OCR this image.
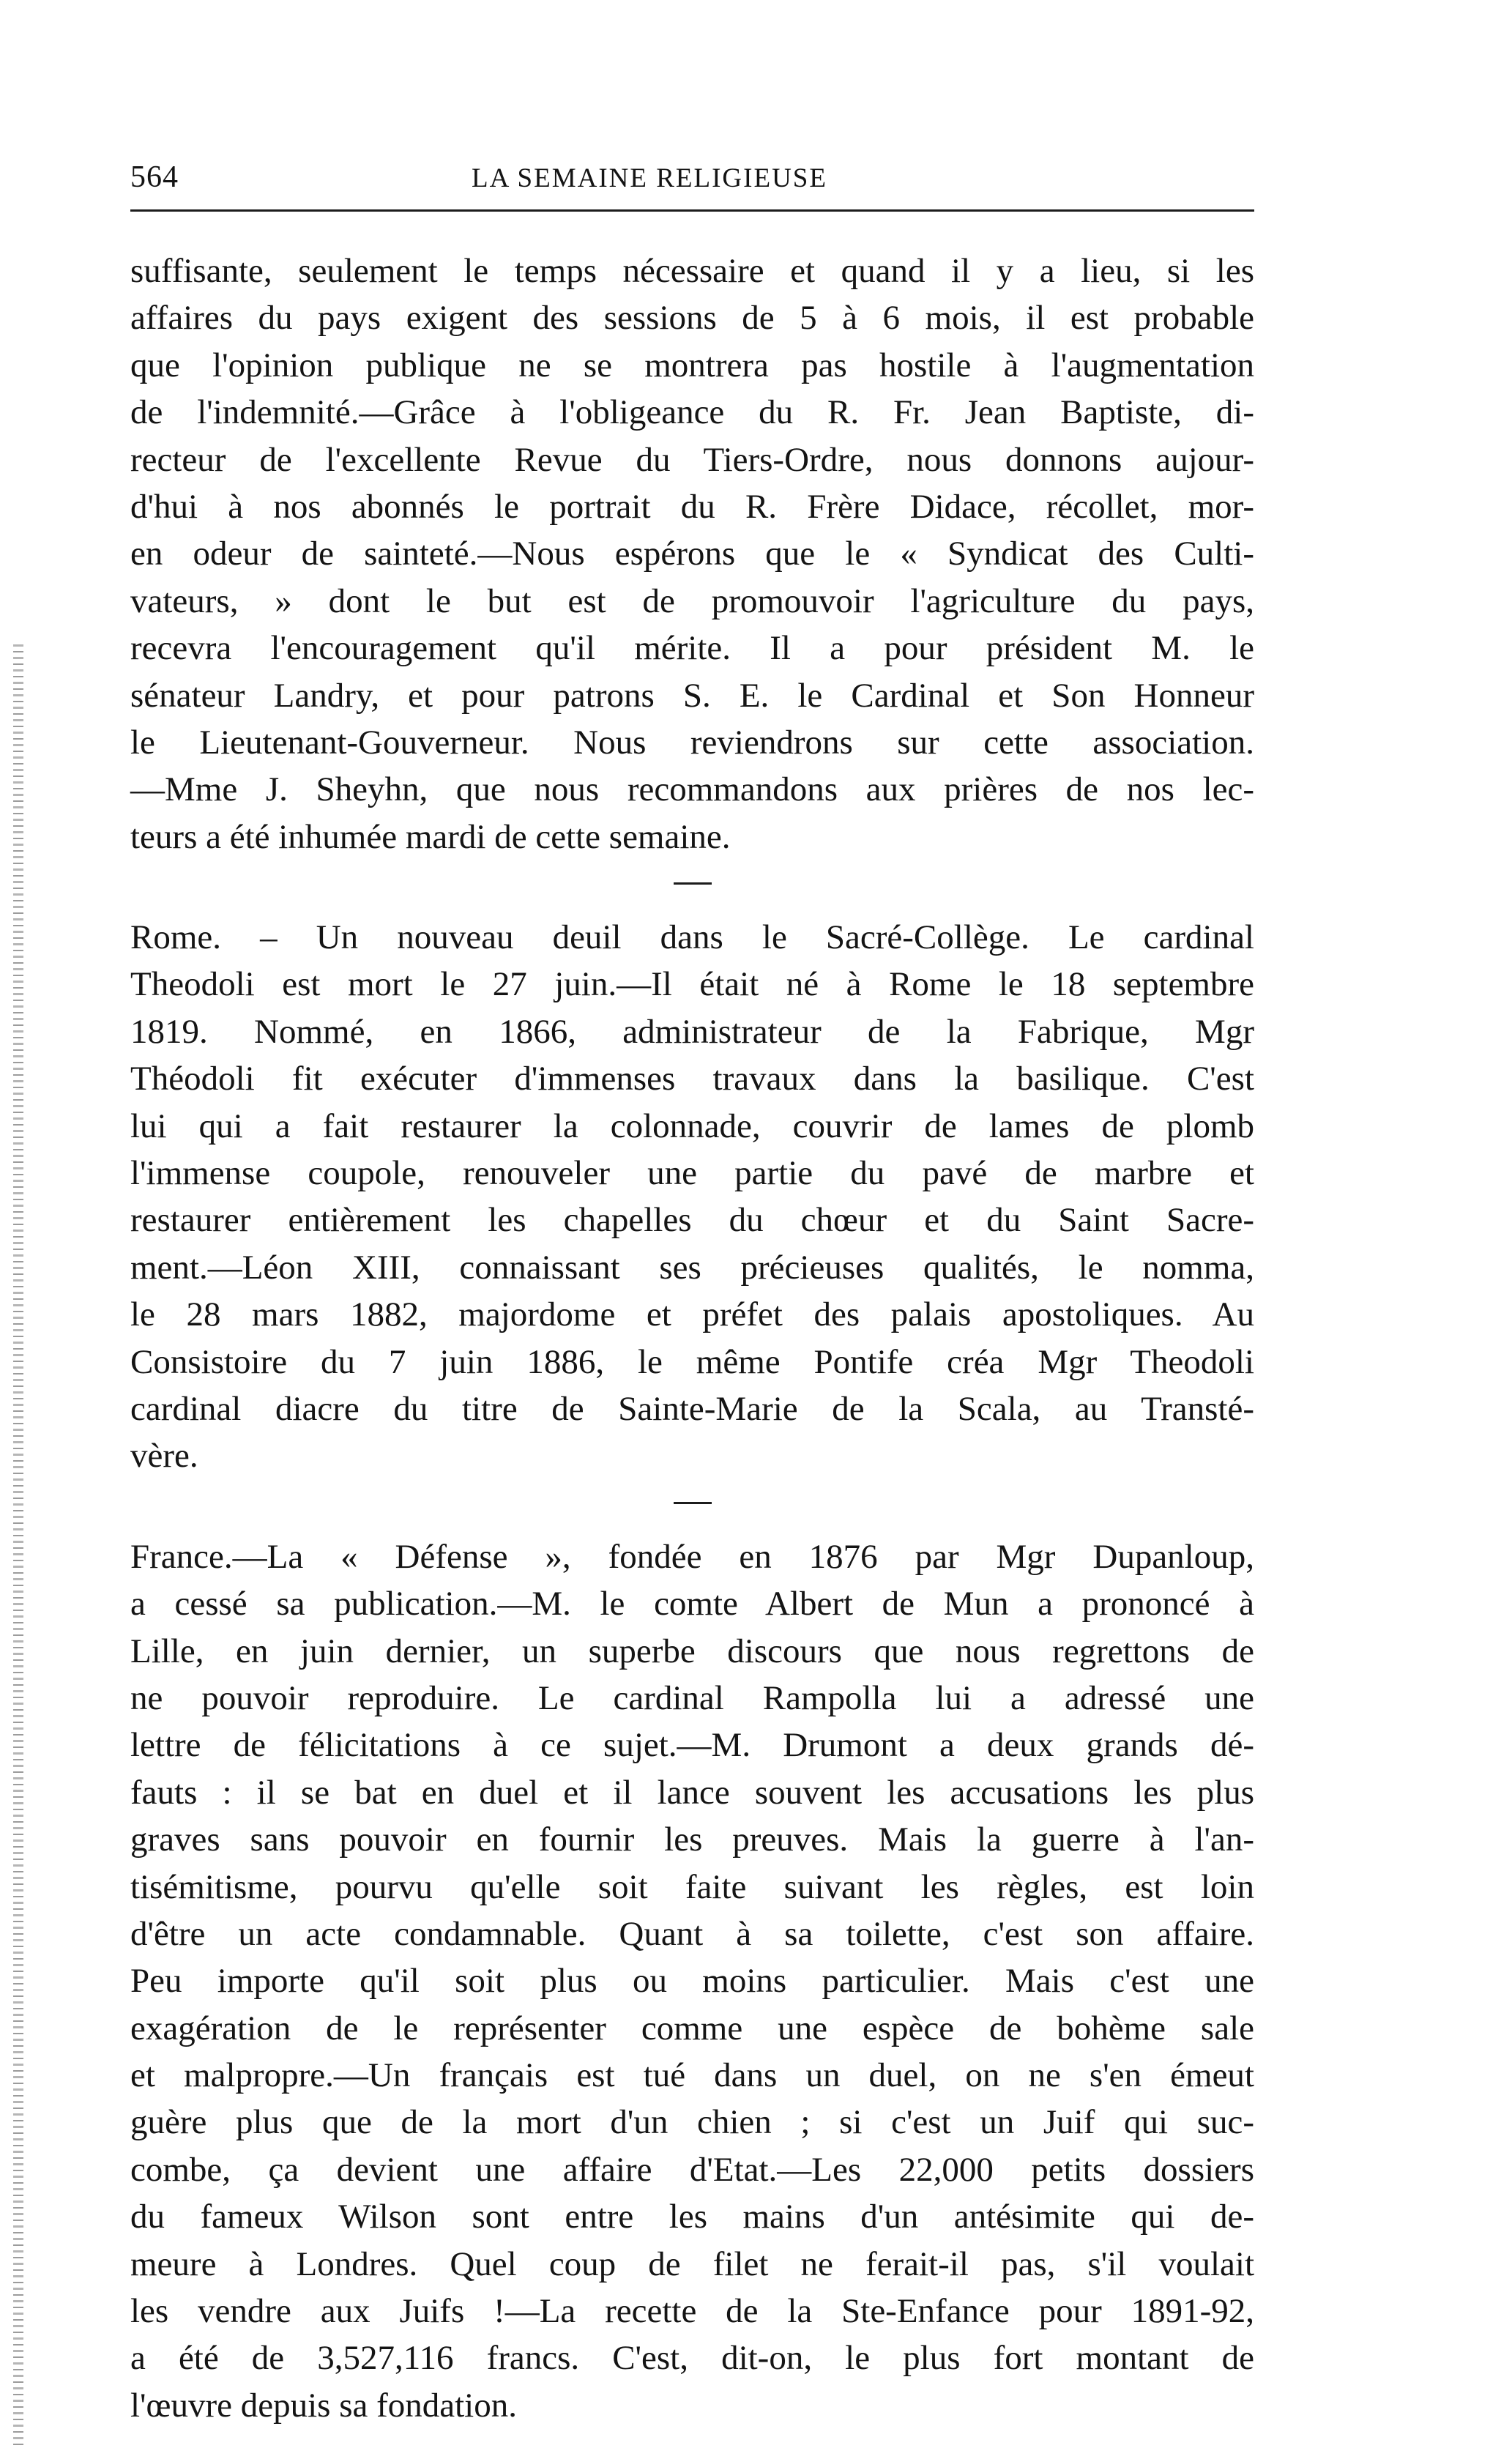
564	LA SEMAINE RELIGIEUSE
suffisante, seulement le temps nécessaire et quand il y a lieu, si les
affaires du pays exigent des sessions de 5 à 6 mois, il est probable
que l'opinion publique ne se montrera pas hostile à l'augmentation
de l'indemnité.—Grâce à l'obligeance du R. Fr. Jean Baptiste, di-
recteur de l'excellente Revue du Tiers-Ordre, nous donnons aujour-
d'hui à nos abonnés le portrait du R. Frère Didace, récollet, mor-
en odeur de sainteté.—Nous espérons que le « Syndicat des Culti-
vateurs, » dont le but est de promouvoir l'agriculture du pays,
recevra l'encouragement qu'il mérite. Il a pour président M. le
sénateur Landry, et pour patrons S. E. le Cardinal et Son Honneur
le Lieutenant-Gouverneur. Nous reviendrons sur cette association.
—Mme J. Sheyhn, que nous recommandons aux prières de nos lec-
teurs a été inhumée mardi de cette semaine.
Rome. – Un nouveau deuil dans le Sacré-Collège. Le cardinal
Theodoli est mort le 27 juin.—Il était né à Rome le 18 septembre
1819. Nommé, en 1866, administrateur de la Fabrique, Mgr
Théodoli fit exécuter d'immenses travaux dans la basilique. C'est
lui qui a fait restaurer la colonnade, couvrir de lames de plomb
l'immense coupole, renouveler une partie du pavé de marbre et
restaurer entièrement les chapelles du chœur et du Saint Sacre-
ment.—Léon XIII, connaissant ses précieuses qualités, le nomma,
le 28 mars 1882, majordome et préfet des palais apostoliques. Au
Consistoire du 7 juin 1886, le même Pontife créa Mgr Theodoli
cardinal diacre du titre de Sainte-Marie de la Scala, au Transté-
vère.
France.—La « Défense », fondée en 1876 par Mgr Dupanloup,
a cessé sa publication.—M. le comte Albert de Mun a prononcé à
Lille, en juin dernier, un superbe discours que nous regrettons de
ne pouvoir reproduire. Le cardinal Rampolla lui a adressé une
lettre de félicitations à ce sujet.—M. Drumont a deux grands dé-
fauts : il se bat en duel et il lance souvent les accusations les plus
graves sans pouvoir en fournir les preuves. Mais la guerre à l'an-
tisémitisme, pourvu qu'elle soit faite suivant les règles, est loin
d'être un acte condamnable. Quant à sa toilette, c'est son affaire.
Peu importe qu'il soit plus ou moins particulier. Mais c'est une
exagération de le représenter comme une espèce de bohème sale
et malpropre.—Un français est tué dans un duel, on ne s'en émeut
guère plus que de la mort d'un chien ; si c'est un Juif qui suc-
combe, ça devient une affaire d'Etat.—Les 22,000 petits dossiers
du fameux Wilson sont entre les mains d'un antésimite qui de-
meure à Londres. Quel coup de filet ne ferait-il pas, s'il voulait
les vendre aux Juifs !—La recette de la Ste-Enfance pour 1891-92,
a été de 3,527,116 francs. C'est, dit-on, le plus fort montant de
l'œuvre depuis sa fondation.
